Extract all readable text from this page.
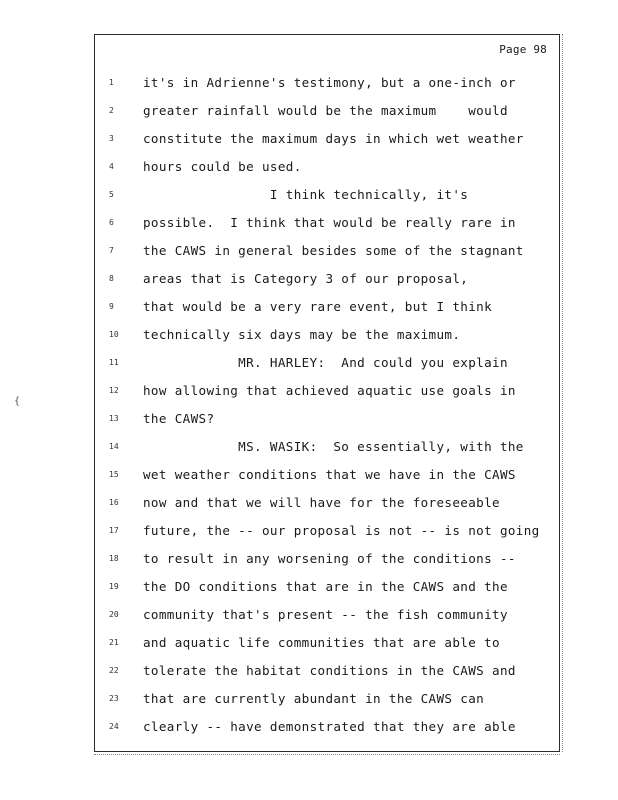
Page 98
1	it's in Adrienne's testimony, but a one-inch or
2	greater rainfall would be the maximum    would
3	constitute the maximum days in which wet weather
4	hours could be used.
5	I think technically, it's
6	possible.  I think that would be really rare in
7	the CAWS in general besides some of the stagnant
8	areas that is Category 3 of our proposal,
9	that would be a very rare event, but I think
10	technically six days may be the maximum.
11	MR. HARLEY:  And could you explain
12	how allowing that achieved aquatic use goals in
13	the CAWS?
14	MS. WASIK:  So essentially, with the
15	wet weather conditions that we have in the CAWS
16	now and that we will have for the foreseeable
17	future, the -- our proposal is not -- is not going
18	to result in any worsening of the conditions --
19	the DO conditions that are in the CAWS and the
20	community that's present -- the fish community
21	and aquatic life communities that are able to
22	tolerate the habitat conditions in the CAWS and
23	that are currently abundant in the CAWS can
24	clearly -- have demonstrated that they are able
{
